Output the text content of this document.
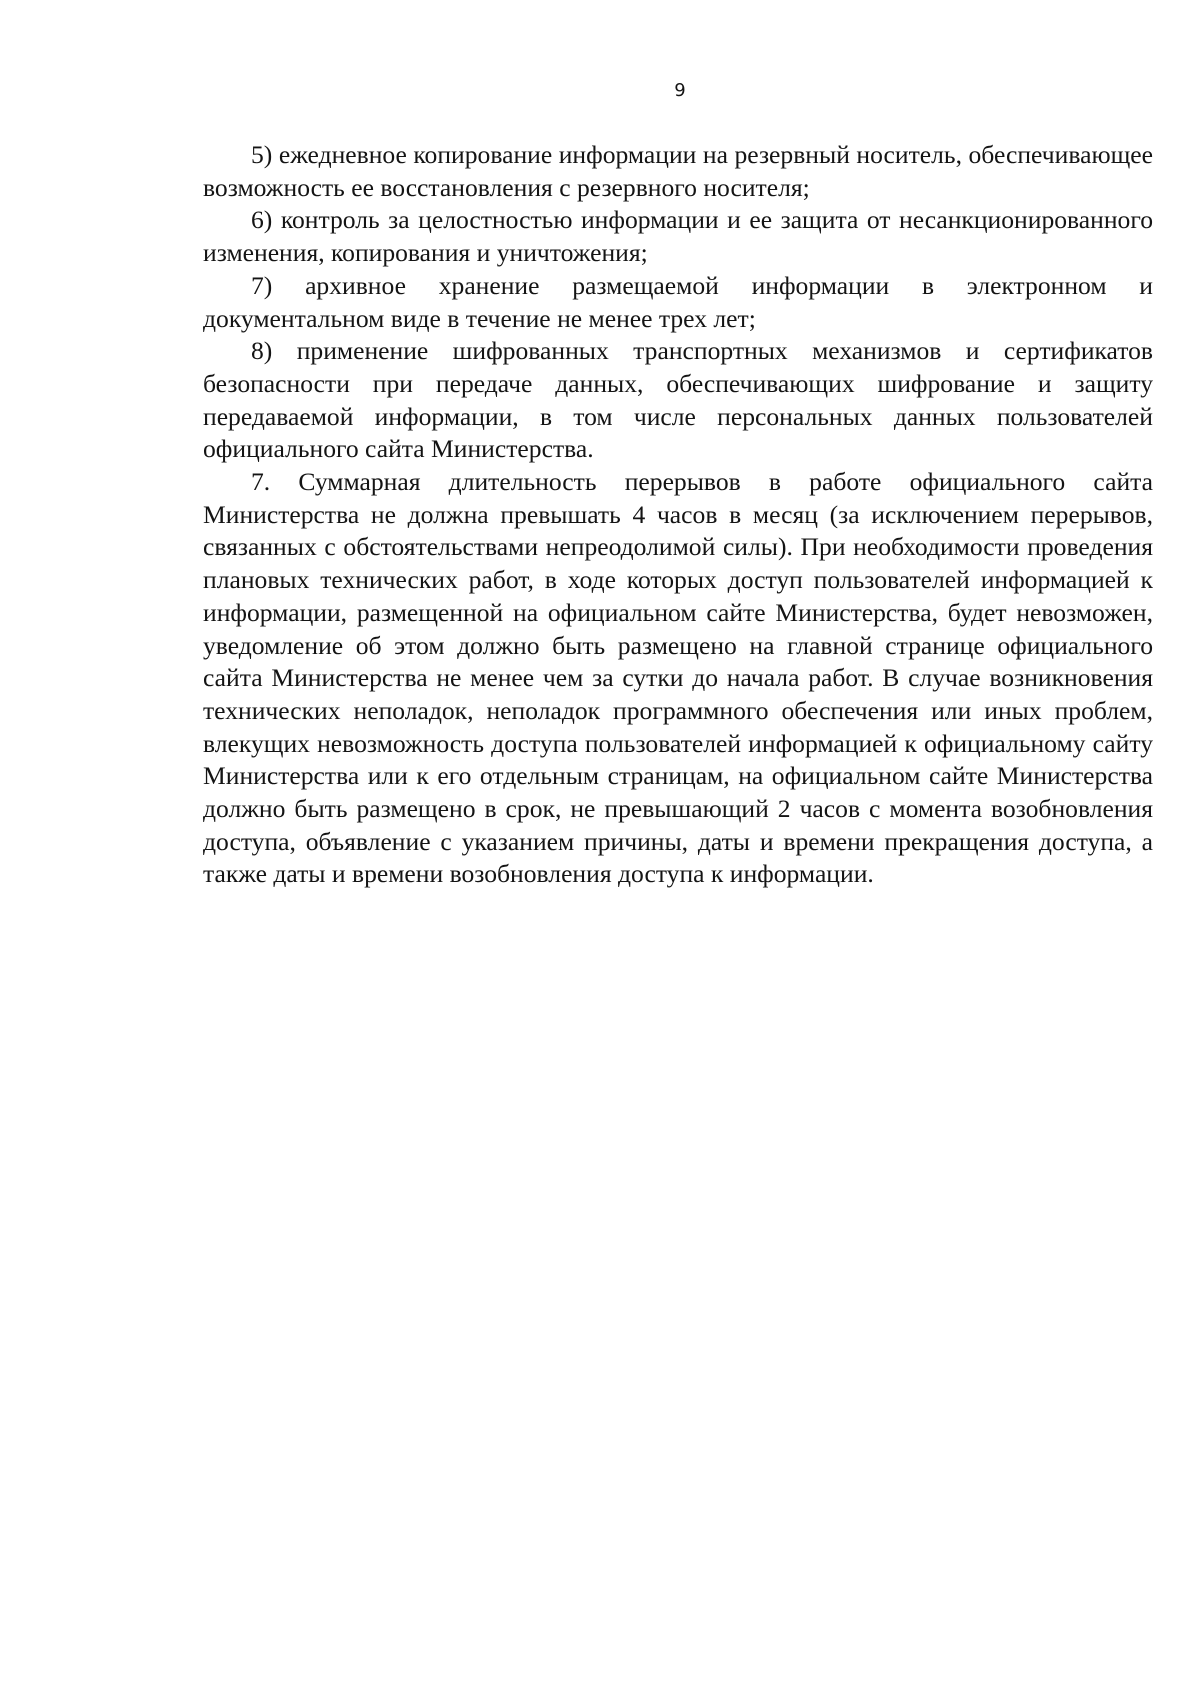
9

5) ежедневное копирование информации на резервный носитель, обеспечивающее возможность ее восстановления с резервного носителя;

6) контроль за целостностью информации и ее защита от несанкционированного изменения, копирования и уничтожения;

7) архивное хранение размещаемой информации в электронном и документальном виде в течение не менее трех лет;

8) применение шифрованных транспортных механизмов и сертификатов безопасности при передаче данных, обеспечивающих шифрование и защиту передаваемой информации, в том числе персональных данных пользователей официального сайта Министерства.

7. Суммарная длительность перерывов в работе официального сайта Министерства не должна превышать 4 часов в месяц (за исключением перерывов, связанных с обстоятельствами непреодолимой силы). При необходимости проведения плановых технических работ, в ходе которых доступ пользователей информацией к информации, размещенной на официальном сайте Министерства, будет невозможен, уведомление об этом должно быть размещено на главной странице официального сайта Министерства не менее чем за сутки до начала работ. В случае возникновения технических неполадок, неполадок программного обеспечения или иных проблем, влекущих невозможность доступа пользователей информацией к официальному сайту Министерства или к его отдельным страницам, на официальном сайте Министерства должно быть размещено в срок, не превышающий 2 часов с момента возобновления доступа, объявление с указанием причины, даты и времени прекращения доступа, а также даты и времени возобновления доступа к информации.
